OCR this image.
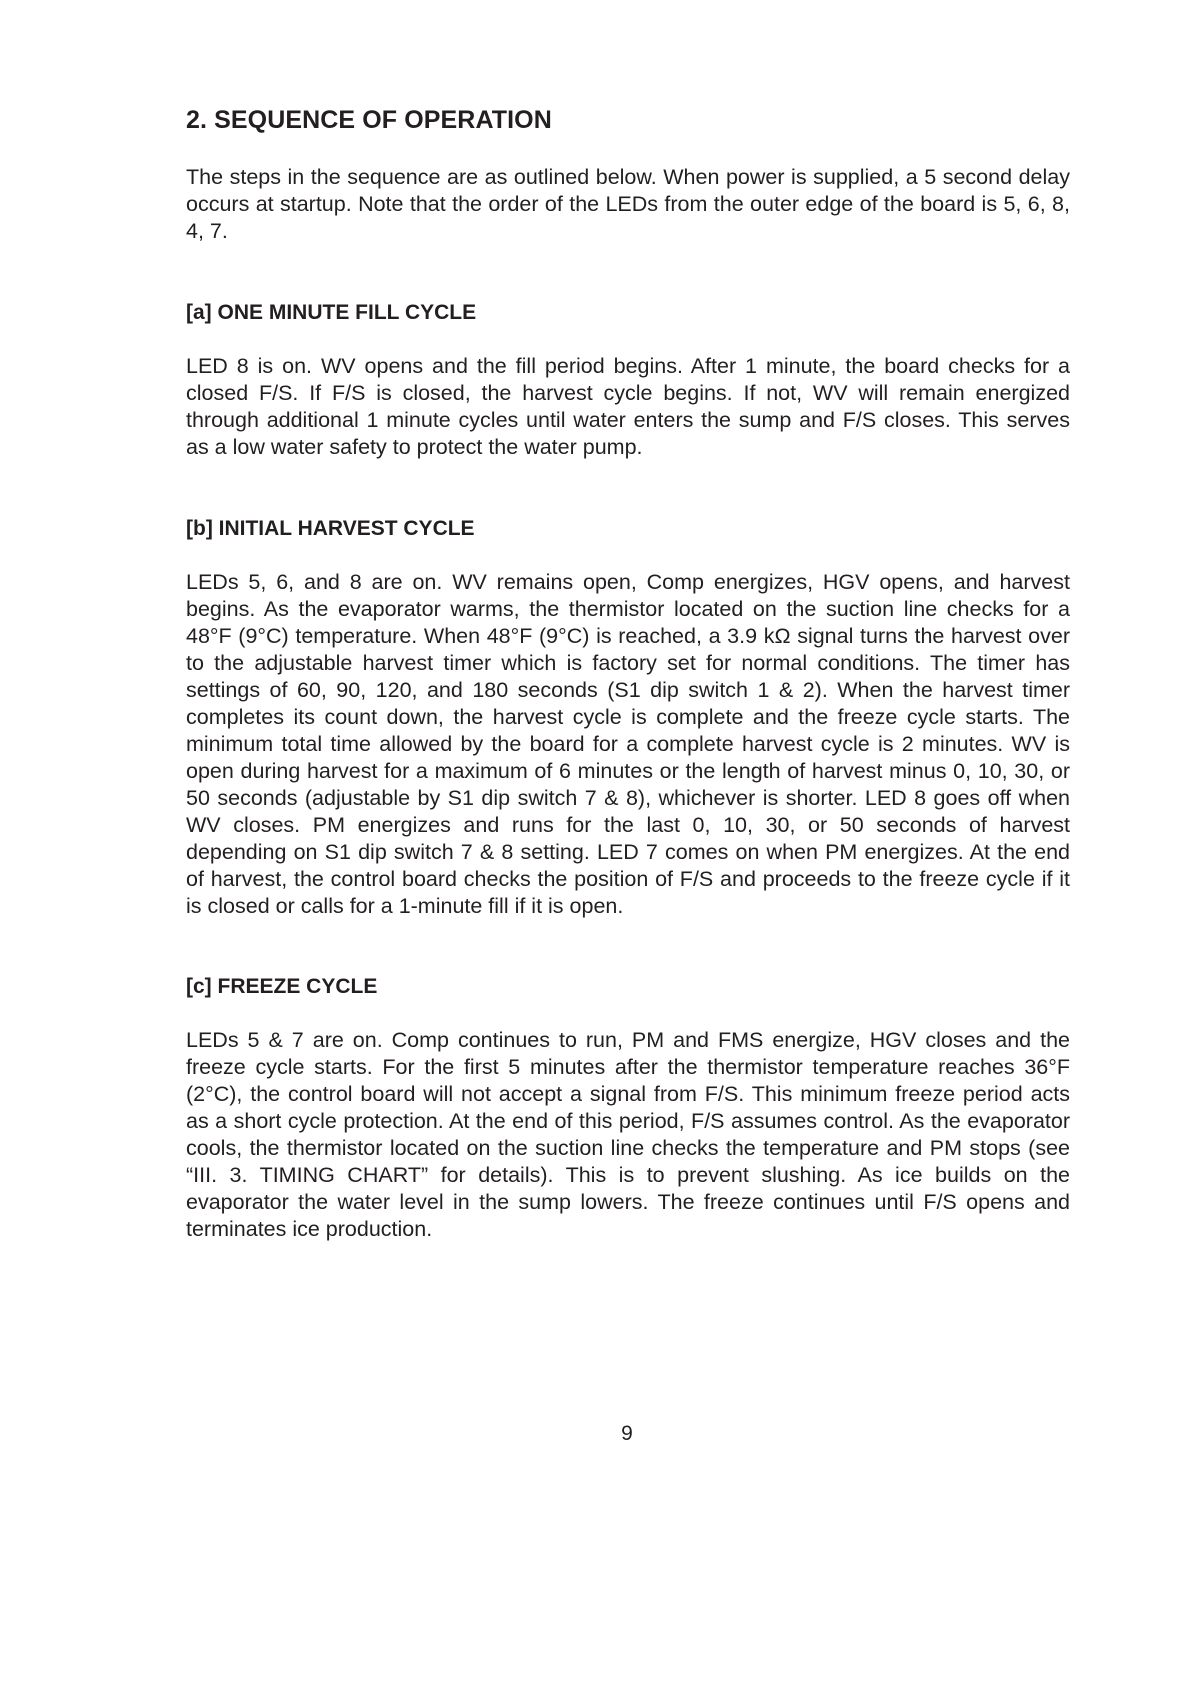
2. SEQUENCE OF OPERATION

The steps in the sequence are as outlined below. When power is supplied, a 5 second delay occurs at startup. Note that the order of the LEDs from the outer edge of the board is 5, 6, 8, 4, 7.

[a] ONE MINUTE FILL CYCLE

LED 8 is on. WV opens and the fill period begins. After 1 minute, the board checks for a closed F/S. If F/S is closed, the harvest cycle begins. If not, WV will remain energized through additional 1 minute cycles until water enters the sump and F/S closes. This serves as a low water safety to protect the water pump.

[b] INITIAL HARVEST CYCLE

LEDs 5, 6, and 8 are on. WV remains open, Comp energizes, HGV opens, and harvest begins. As the evaporator warms, the thermistor located on the suction line checks for a 48°F (9°C) temperature. When 48°F (9°C) is reached, a 3.9 kΩ signal turns the harvest over to the adjustable harvest timer which is factory set for normal conditions. The timer has settings of 60, 90, 120, and 180 seconds (S1 dip switch 1 & 2). When the harvest timer completes its count down, the harvest cycle is complete and the freeze cycle starts. The minimum total time allowed by the board for a complete harvest cycle is 2 minutes. WV is open during harvest for a maximum of 6 minutes or the length of harvest minus 0, 10, 30, or 50 seconds (adjustable by S1 dip switch 7 & 8), whichever is shorter. LED 8 goes off when WV closes. PM energizes and runs for the last 0, 10, 30, or 50 seconds of harvest depending on S1 dip switch 7 & 8 setting. LED 7 comes on when PM energizes. At the end of harvest, the control board checks the position of F/S and proceeds to the freeze cycle if it is closed or calls for a 1-minute fill if it is open.

[c] FREEZE CYCLE

LEDs 5 & 7 are on. Comp continues to run, PM and FMS energize, HGV closes and the freeze cycle starts. For the first 5 minutes after the thermistor temperature reaches 36°F (2°C), the control board will not accept a signal from F/S. This minimum freeze period acts as a short cycle protection. At the end of this period, F/S assumes control. As the evaporator cools, the thermistor located on the suction line checks the temperature and PM stops (see “III. 3. TIMING CHART” for details). This is to prevent slushing. As ice builds on the evaporator the water level in the sump lowers. The freeze continues until F/S opens and terminates ice production.

9
